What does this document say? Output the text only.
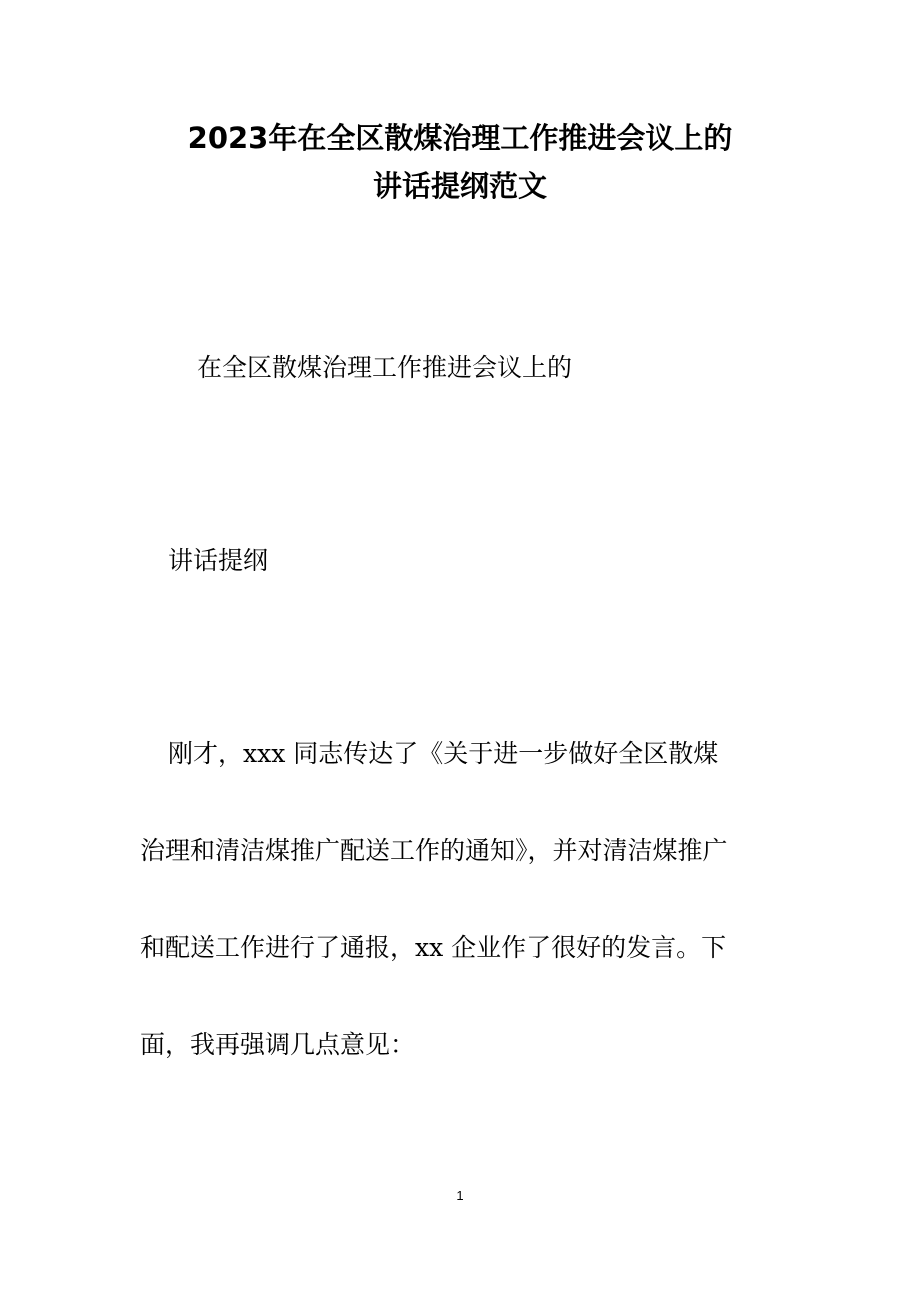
2023年在全区散煤治理工作推进会议上的
讲话提纲范文
在全区散煤治理工作推进会议上的
讲话提纲
刚才，xxx 同志传达了《关于进一步做好全区散煤
治理和清洁煤推广配送工作的通知》，并对清洁煤推广
和配送工作进行了通报，xx 企业作了很好的发言。下
面，我再强调几点意见：
1
